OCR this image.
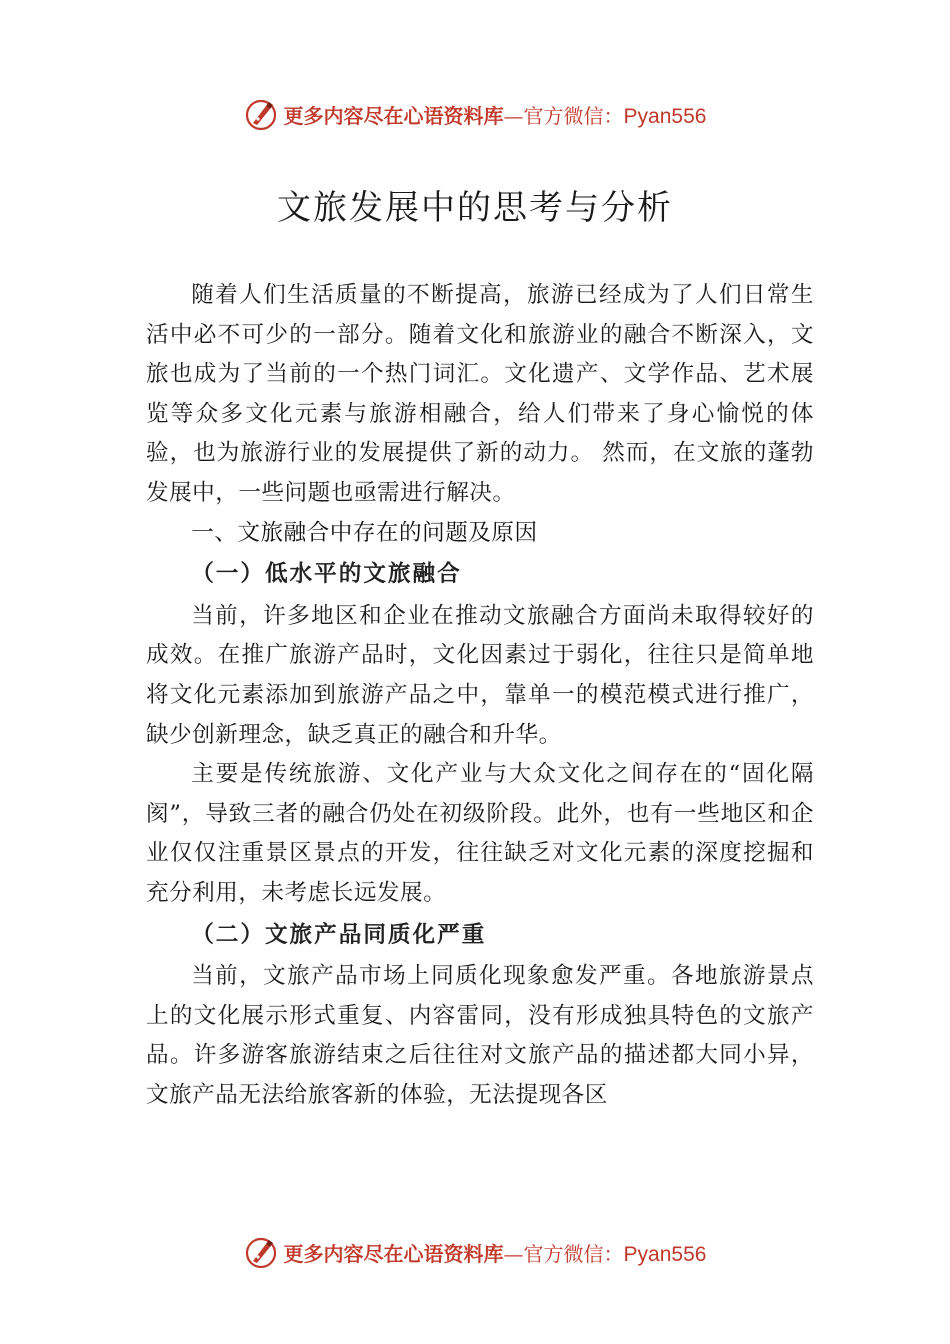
更多内容尽在心语资料库—官方微信：Pyan556
文旅发展中的思考与分析

随着人们生活质量的不断提高，旅游已经成为了人们日常生活中必不可少的一部分。随着文化和旅游业的融合不断深入，文旅也成为了当前的一个热门词汇。文化遗产、文学作品、艺术展览等众多文化元素与旅游相融合，给人们带来了身心愉悦的体验，也为旅游行业的发展提供了新的动力。 然而，在文旅的蓬勃发展中，一些问题也亟需进行解决。

一、文旅融合中存在的问题及原因

（一）低水平的文旅融合

当前，许多地区和企业在推动文旅融合方面尚未取得较好的成效。在推广旅游产品时，文化因素过于弱化，往往只是简单地将文化元素添加到旅游产品之中，靠单一的模范模式进行推广，缺少创新理念，缺乏真正的融合和升华。

主要是传统旅游、文化产业与大众文化之间存在的“固化隔阂”，导致三者的融合仍处在初级阶段。此外，也有一些地区和企业仅仅注重景区景点的开发，往往缺乏对文化元素的深度挖掘和充分利用，未考虑长远发展。

（二）文旅产品同质化严重

当前，文旅产品市场上同质化现象愈发严重。各地旅游景点上的文化展示形式重复、内容雷同，没有形成独具特色的文旅产品。许多游客旅游结束之后往往对文旅产品的描述都大同小异，文旅产品无法给旅客新的体验，无法提现各区

更多内容尽在心语资料库—官方微信：Pyan556
